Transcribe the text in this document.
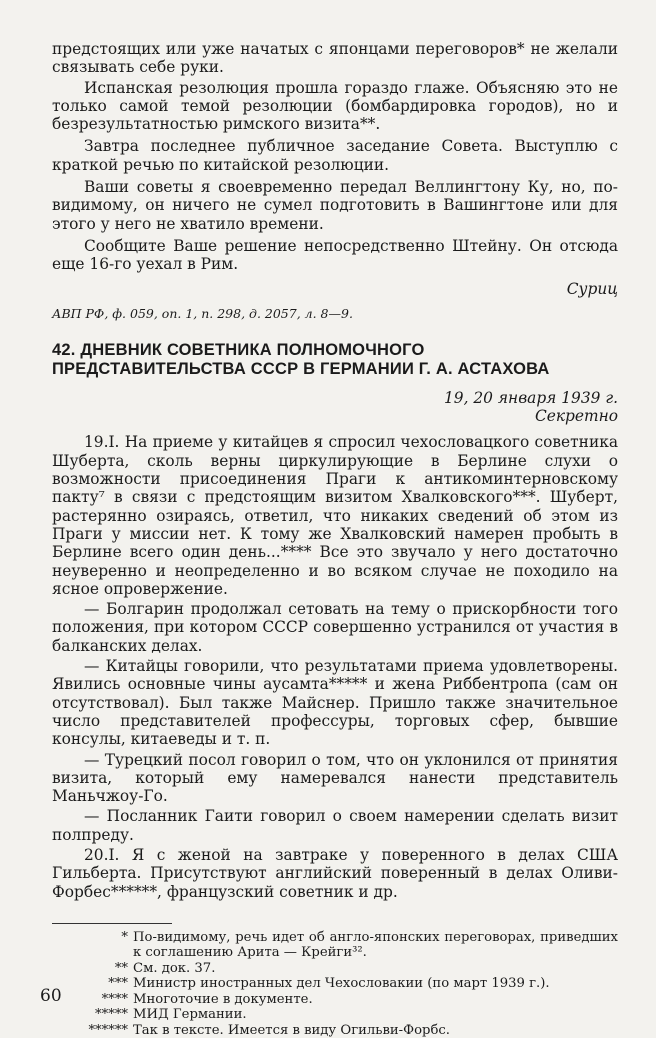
предстоящих или уже начатых с японцами переговоров* не желали связывать себе руки.

Испанская резолюция прошла гораздо глаже. Объясняю это не только самой темой резолюции (бомбардировка городов), но и безрезультатностью римского визита**.

Завтра последнее публичное заседание Совета. Выступлю с краткой речью по китайской резолюции.

Ваши советы я своевременно передал Веллингтону Ку, но, по-видимому, он ничего не сумел подготовить в Вашингтоне или для этого у него не хватило времени.

Сообщите Ваше решение непосредственно Штейну. Он отсюда еще 16-го уехал в Рим.

Суриц

АВП РФ, ф. 059, оп. 1, п. 298, д. 2057, л. 8—9.

42. ДНЕВНИК СОВЕТНИКА ПОЛНОМОЧНОГО ПРЕДСТАВИТЕЛЬСТВА СССР В ГЕРМАНИИ Г. А. АСТАХОВА

19, 20 января 1939 г.

Секретно

19.I. На приеме у китайцев я спросил чехословацкого советника Шуберта, сколь верны циркулирующие в Берлине слухи о возможности присоединения Праги к антикоминтерновскому пакту⁷ в связи с предстоящим визитом Хвалковского***. Шуберт, растерянно озираясь, ответил, что никаких сведений об этом из Праги у миссии нет. К тому же Хвалковский намерен пробыть в Берлине всего один день...**** Все это звучало у него достаточно неуверенно и неопределенно и во всяком случае не походило на ясное опровержение.

— Болгарин продолжал сетовать на тему о прискорбности того положения, при котором СССР совершенно устранился от участия в балканских делах.

— Китайцы говорили, что результатами приема удовлетворены. Явились основные чины аусамта***** и жена Риббентропа (сам он отсутствовал). Был также Майснер. Пришло также значительное число представителей профессуры, торговых сфер, бывшие консулы, китаеведы и т. п.

— Турецкий посол говорил о том, что он уклонился от принятия визита, который ему намеревался нанести представитель Маньчжоу-Го.

— Посланник Гаити говорил о своем намерении сделать визит полпреду.

20.I. Я с женой на завтраке у поверенного в делах США Гильберта. Присутствуют английский поверенный в делах Оливи-Форбес******, французский советник и др.

* По-видимому, речь идет об англо-японских переговорах, приведших к соглашению Арита — Крейги³².
** См. док. 37.
*** Министр иностранных дел Чехословакии (по март 1939 г.).
**** Многоточие в документе.
***** МИД Германии.
****** Так в тексте. Имеется в виду Огильви-Форбс.
60
